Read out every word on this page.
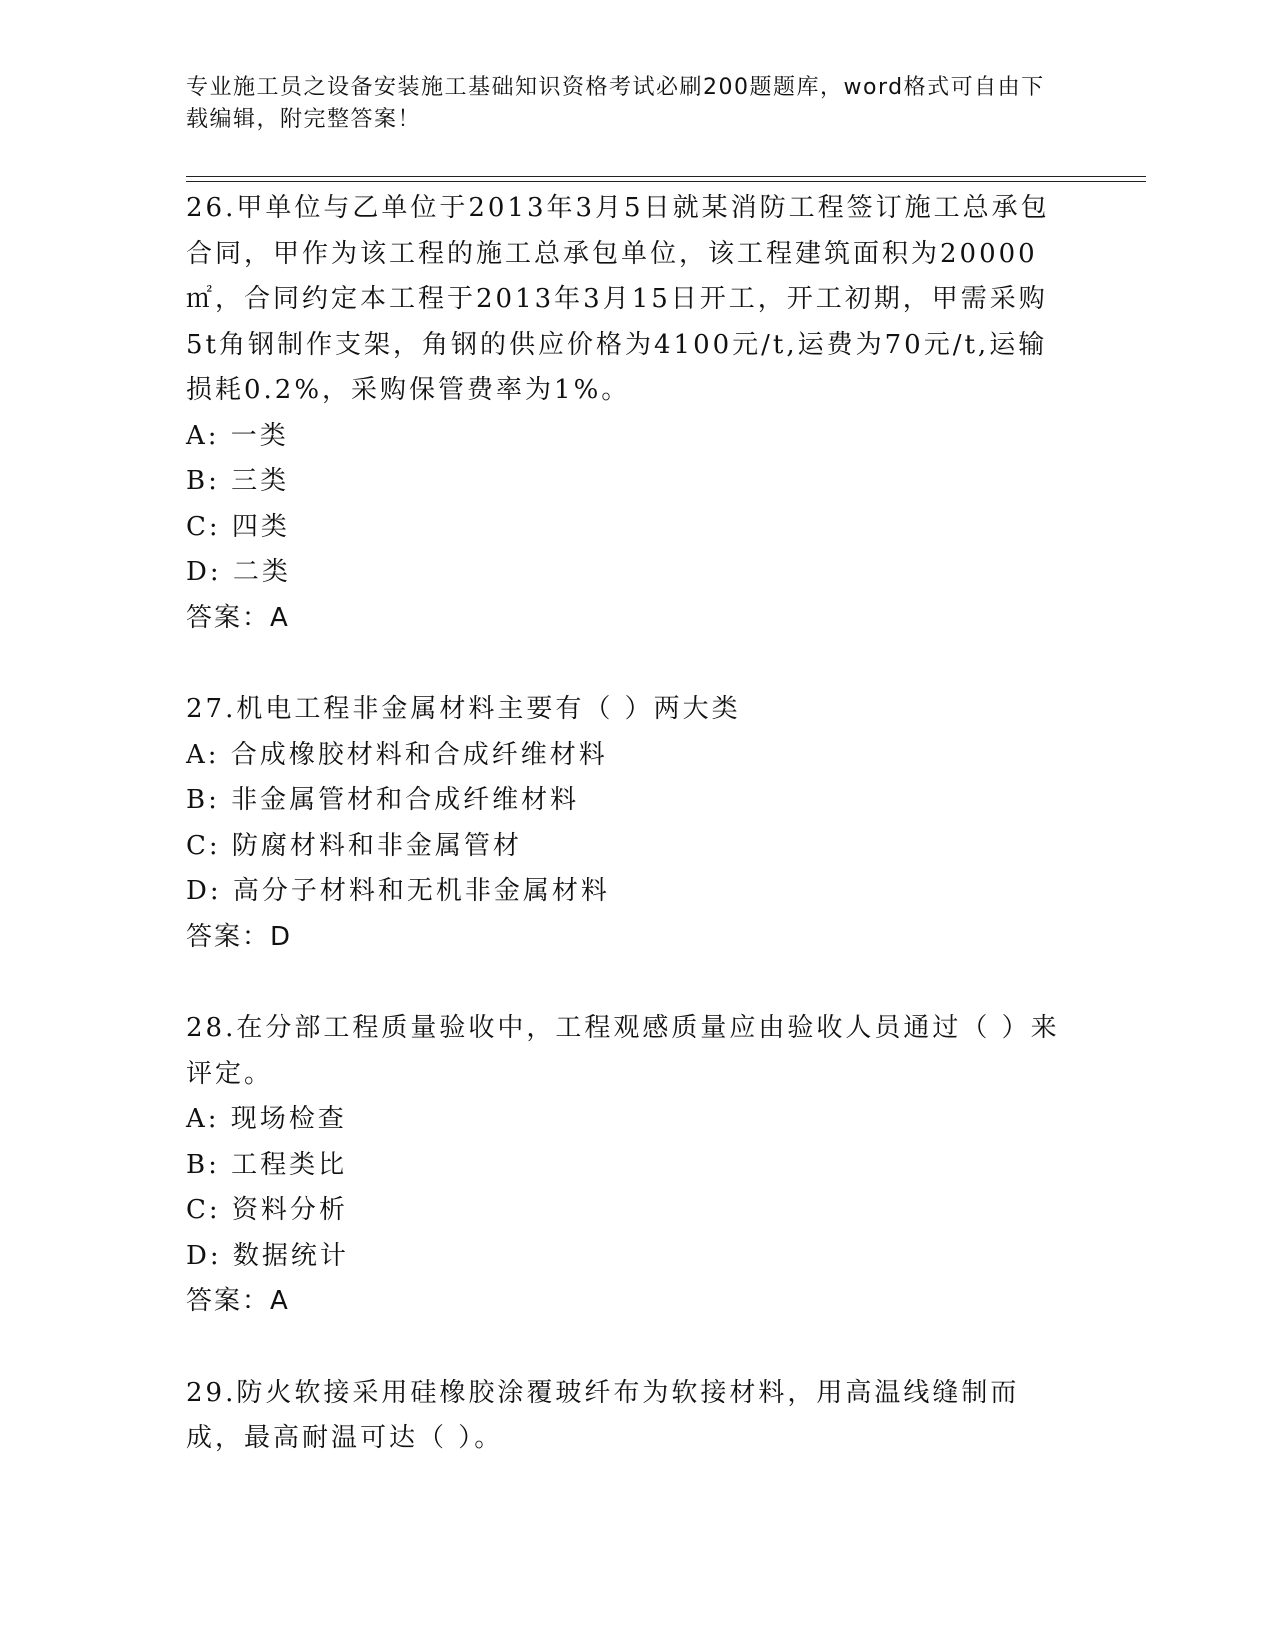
专业施工员之设备安装施工基础知识资格考试必刷200题题库，word格式可自由下载编辑，附完整答案！

26.甲单位与乙单位于2013年3月5日就某消防工程签订施工总承包合同，甲作为该工程的施工总承包单位，该工程建筑面积为20000㎡，合同约定本工程于2013年3月15日开工，开工初期，甲需采购5t角钢制作支架，角钢的供应价格为4100元/t,运费为70元/t,运输损耗0.2%，采购保管费率为1%。

A: 一类

B: 三类

C: 四类

D: 二类

答案：A

27.机电工程非金属材料主要有（ ）两大类

A: 合成橡胶材料和合成纤维材料

B: 非金属管材和合成纤维材料

C: 防腐材料和非金属管材

D: 高分子材料和无机非金属材料

答案：D

28.在分部工程质量验收中，工程观感质量应由验收人员通过（ ）来评定。

A: 现场检查

B: 工程类比

C: 资料分析

D: 数据统计

答案：A

29.防火软接采用硅橡胶涂覆玻纤布为软接材料，用高温线缝制而成，最高耐温可达（ ）。
